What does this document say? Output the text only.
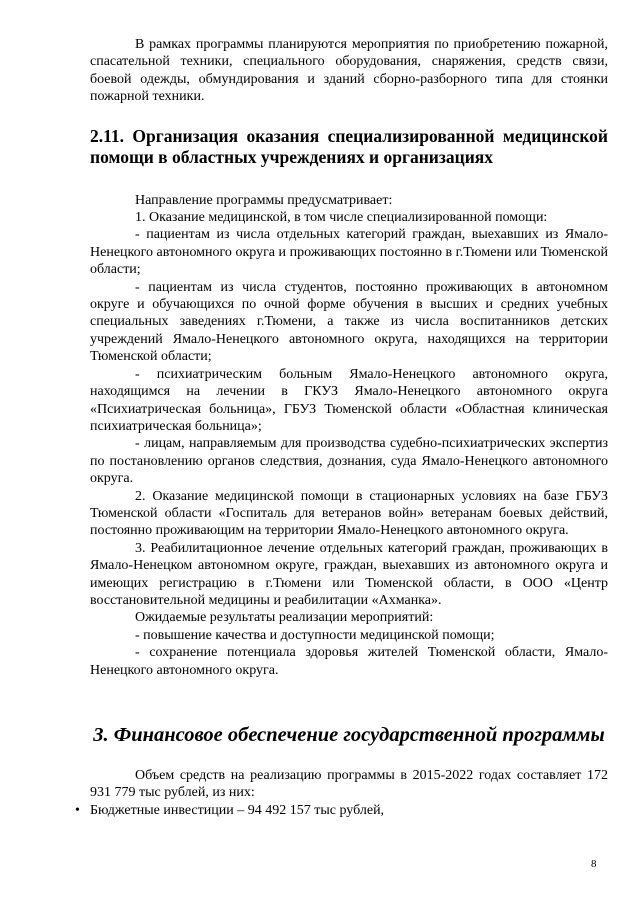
В рамках программы планируются мероприятия по приобретению пожарной, спасательной техники, специального оборудования, снаряжения, средств связи, боевой одежды, обмундирования и зданий сборно-разборного типа для стоянки пожарной техники.

2.11. Организация оказания специализированной медицинской помощи в областных учреждениях и организациях

Направление программы предусматривает:

1. Оказание медицинской, в том числе специализированной помощи:

- пациентам из числа отдельных категорий граждан, выехавших из Ямало-Ненецкого автономного округа и проживающих постоянно в г.Тюмени или Тюменской области;

- пациентам из числа студентов, постоянно проживающих в автономном округе и обучающихся по очной форме обучения в высших и средних учебных специальных заведениях г.Тюмени, а также из числа воспитанников детских учреждений Ямало-Ненецкого автономного округа, находящихся на территории Тюменской области;

- психиатрическим больным Ямало-Ненецкого автономного округа, находящимся на лечении в ГКУЗ Ямало-Ненецкого автономного округа «Психиатрическая больница», ГБУЗ Тюменской области «Областная клиническая психиатрическая больница»;

- лицам, направляемым для производства судебно-психиатрических экспертиз по постановлению органов следствия, дознания, суда Ямало-Ненецкого автономного округа.

2. Оказание медицинской помощи в стационарных условиях на базе ГБУЗ Тюменской области «Госпиталь для ветеранов войн» ветеранам боевых действий, постоянно проживающим на территории Ямало-Ненецкого автономного округа.

3. Реабилитационное лечение отдельных категорий граждан, проживающих в Ямало-Ненецком автономном округе, граждан, выехавших из автономного округа и имеющих регистрацию в г.Тюмени или Тюменской области, в ООО «Центр восстановительной медицины и реабилитации «Ахманка».

Ожидаемые результаты реализации мероприятий:

- повышение качества и доступности медицинской помощи;

- сохранение потенциала здоровья жителей Тюменской области, Ямало-Ненецкого автономного округа.

3. Финансовое обеспечение государственной программы

Объем средств на реализацию программы в 2015-2022 годах составляет 172 931 779 тыс рублей, из них:

• Бюджетные инвестиции – 94 492 157 тыс рублей,

8
